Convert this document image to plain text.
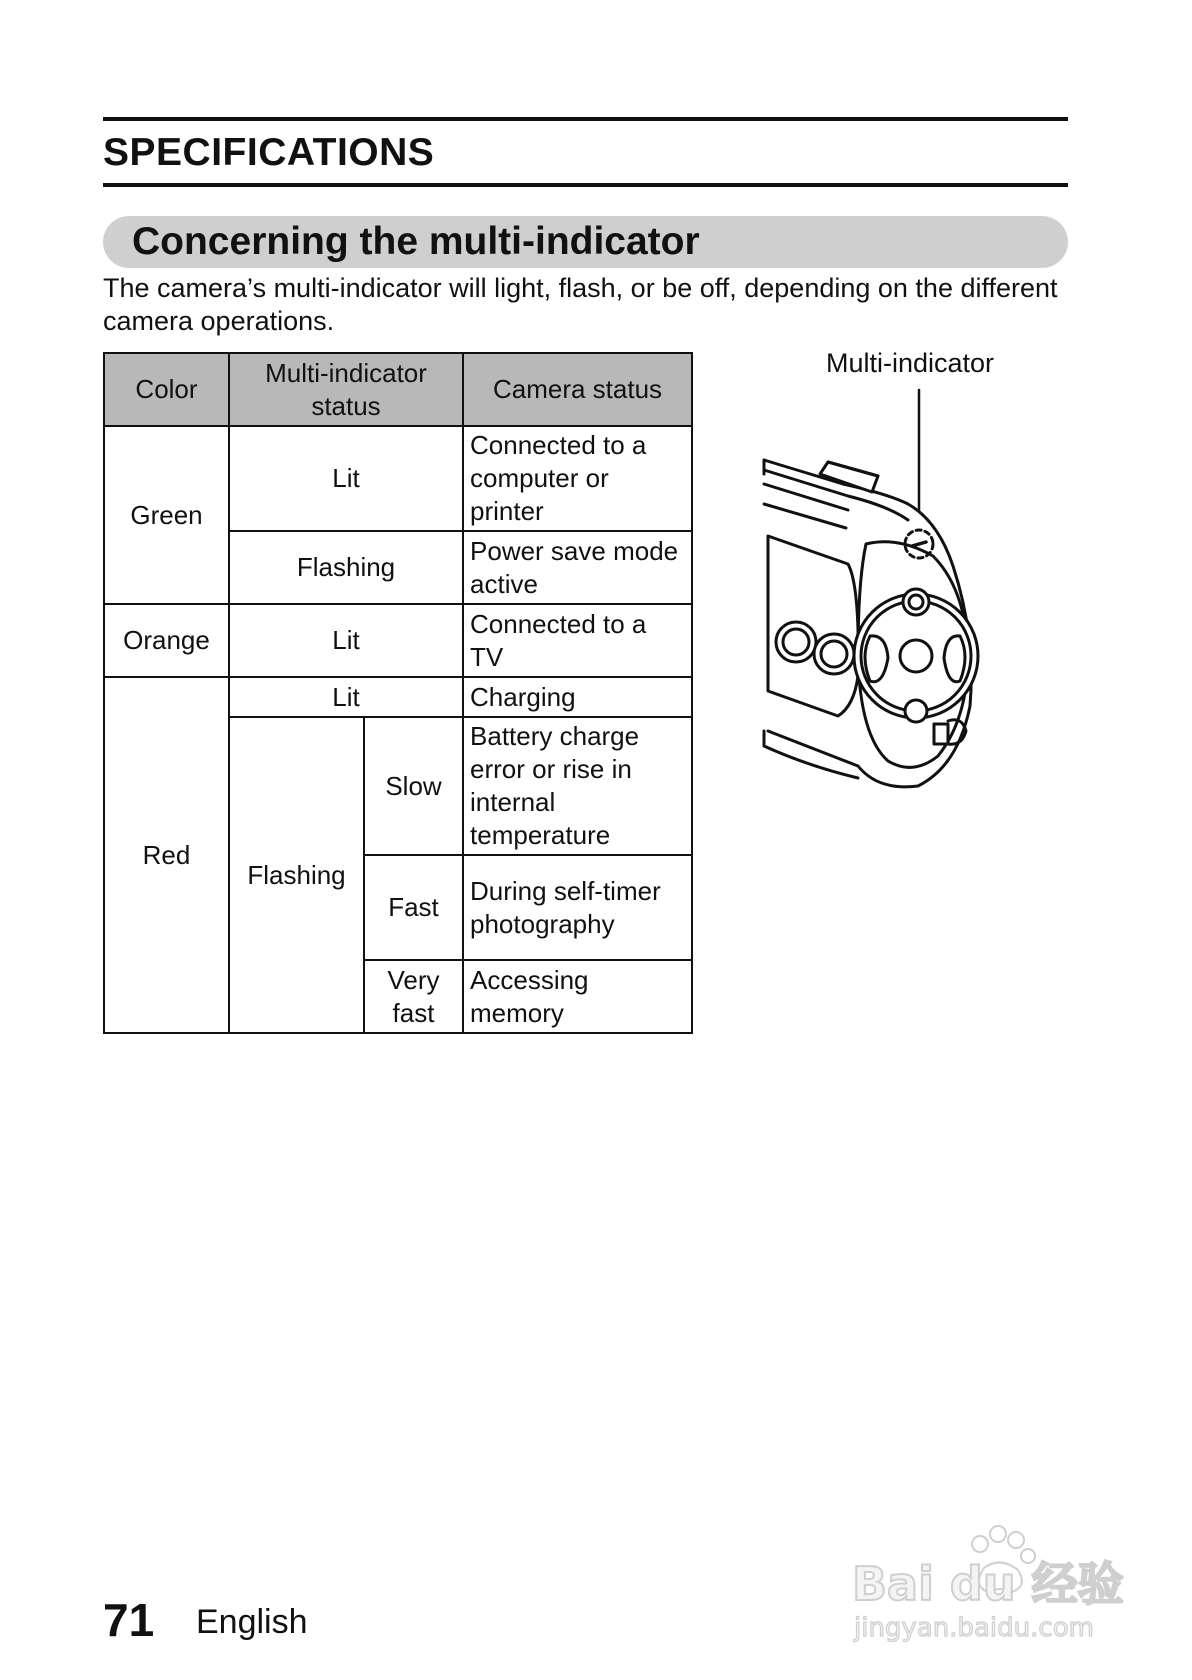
SPECIFICATIONS
Concerning the multi-indicator

The camera’s multi-indicator will light, flash, or be off, depending on the different camera operations.

Color	Multi-indicator status		Camera status
Green	Lit		Connected to a computer or printer
	Flashing		Power save mode active
Orange	Lit		Connected to a TV
Red	Lit		Charging
	Flashing	Slow	Battery charge error or rise in internal temperature
		Fast	During self-timer photography
		Very fast	Accessing memory
Multi-indicator
71 English
Bai du 经验
jingyan.baidu.com
